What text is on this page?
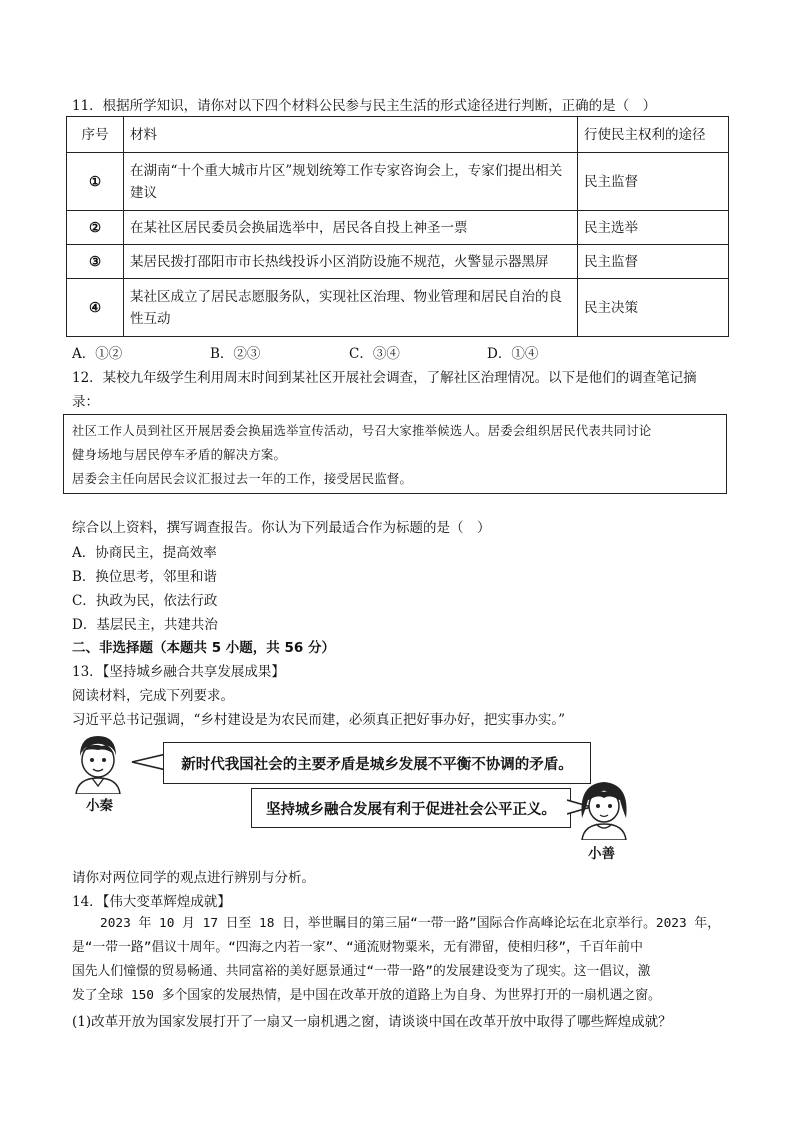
11．根据所学知识，请你对以下四个材料公民参与民主生活的形式途径进行判断，正确的是（　）
序号	材料	行使民主权利的途径
①	在湖南“十个重大城市片区”规划统筹工作专家咨询会上，专家们提出相关建议	民主监督
②	在某社区居民委员会换届选举中，居民各自投上神圣一票	民主选举
③	某居民拨打邵阳市市长热线投诉小区消防设施不规范，火警显示器黑屏	民主监督
④	某社区成立了居民志愿服务队，实现社区治理、物业管理和居民自治的良性互动	民主决策
A．①②	B．②③	C．③④	D．①④
12．某校九年级学生利用周末时间到某社区开展社会调查，了解社区治理情况。以下是他们的调查笔记摘
录：
社区工作人员到社区开展居委会换届选举宣传活动，号召大家推举候选人。居委会组织居民代表共同讨论
健身场地与居民停车矛盾的解决方案。
居委会主任向居民会议汇报过去一年的工作，接受居民监督。
综合以上资料，撰写调查报告。你认为下列最适合作为标题的是（　）
A．协商民主，提高效率
B．换位思考，邻里和谐
C．执政为民，依法行政
D．基层民主，共建共治
二、非选择题（本题共 5 小题，共 56 分）
13．【坚持城乡融合共享发展成果】
阅读材料，完成下列要求。
习近平总书记强调，“乡村建设是为农民而建，必须真正把好事办好，把实事办实。”
小秦
新时代我国社会的主要矛盾是城乡发展不平衡不协调的矛盾。
坚持城乡融合发展有利于促进社会公平正义。
小善
请你对两位同学的观点进行辨别与分析。
14．【伟大变革辉煌成就】
2023 年 10 月 17 日至 18 日，举世瞩目的第三届“一带一路”国际合作高峰论坛在北京举行。2023 年，
是“一带一路”倡议十周年。“四海之内若一家”、“通流财物粟米，无有滞留，使相归移”，千百年前中
国先人们憧憬的贸易畅通、共同富裕的美好愿景通过“一带一路”的发展建设变为了现实。这一倡议，激
发了全球 150 多个国家的发展热情，是中国在改革开放的道路上为自身、为世界打开的一扇机遇之窗。
(1)改革开放为国家发展打开了一扇又一扇机遇之窗，请谈谈中国在改革开放中取得了哪些辉煌成就？
